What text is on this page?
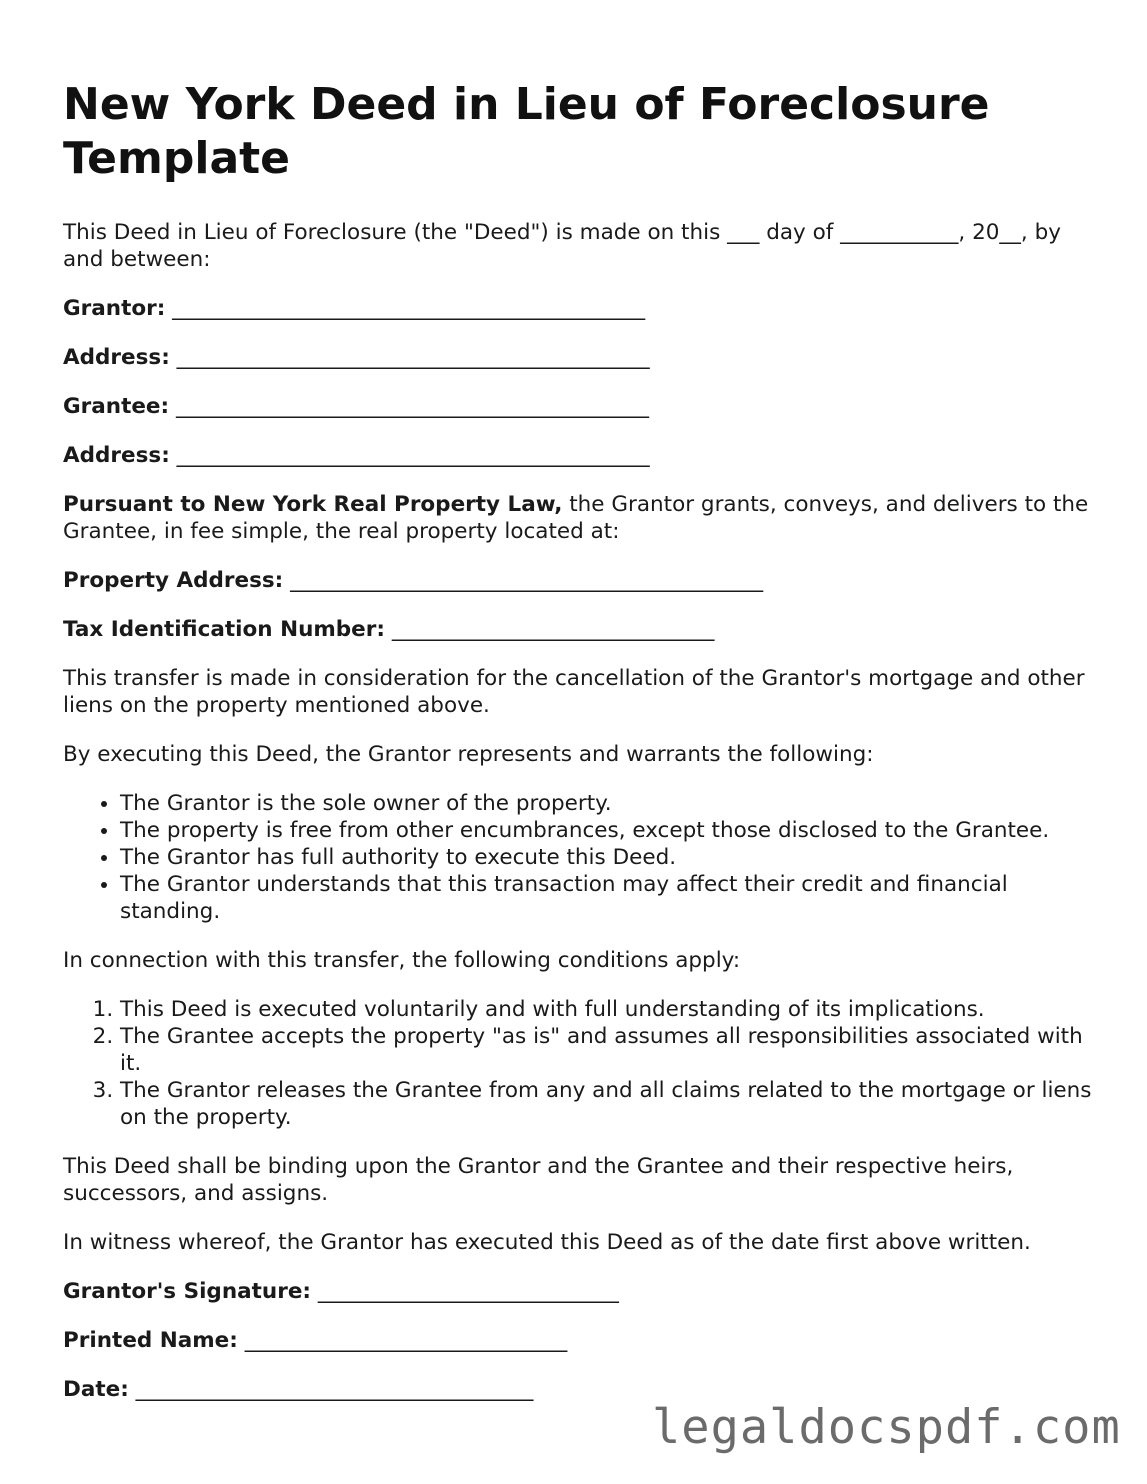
New York Deed in Lieu of Foreclosure Template

This Deed in Lieu of Foreclosure (the "Deed") is made on this ___ day of ___________, 20__, by and between:

Grantor: ____________________________________________
Address: ____________________________________________
Grantee: ____________________________________________
Address: ____________________________________________

Pursuant to New York Real Property Law, the Grantor grants, conveys, and delivers to the Grantee, in fee simple, the real property located at:

Property Address: ____________________________________________
Tax Identification Number: ______________________________

This transfer is made in consideration for the cancellation of the Grantor's mortgage and other liens on the property mentioned above.

By executing this Deed, the Grantor represents and warrants the following:

• The Grantor is the sole owner of the property.
• The property is free from other encumbrances, except those disclosed to the Grantee.
• The Grantor has full authority to execute this Deed.
• The Grantor understands that this transaction may affect their credit and financial standing.

In connection with this transfer, the following conditions apply:

1. This Deed is executed voluntarily and with full understanding of its implications.
2. The Grantee accepts the property "as is" and assumes all responsibilities associated with it.
3. The Grantor releases the Grantee from any and all claims related to the mortgage or liens on the property.

This Deed shall be binding upon the Grantor and the Grantee and their respective heirs, successors, and assigns.

In witness whereof, the Grantor has executed this Deed as of the date first above written.

Grantor's Signature: ____________________________
Printed Name: ______________________________
Date: _____________________________________
legaldocspdf.com
